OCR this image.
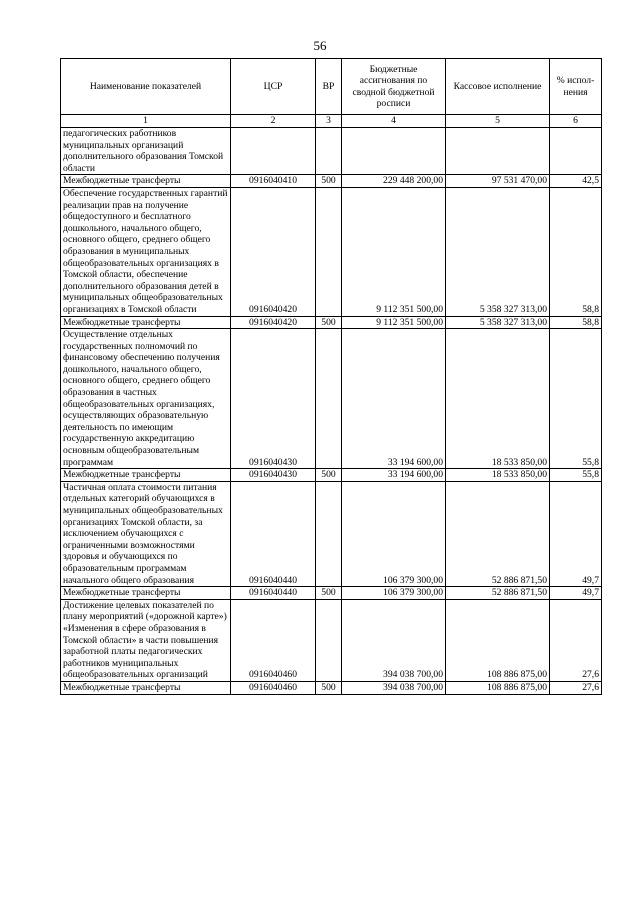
56
Наименование показателей	ЦСР	ВР	Бюджетные ассигнования по сводной бюджетной росписи	Кассовое исполнение	% испол-нения
1	2	3	4	5	6
педагогических работников муниципальных организаций дополнительного образования Томской области					
Межбюджетные трансферты	0916040410	500	229 448 200,00	97 531 470,00	42,5
Обеспечение государственных гарантий реализации прав на получение общедоступного и бесплатного дошкольного, начального общего, основного общего, среднего общего образования в муниципальных общеобразовательных организациях в Томской области, обеспечение дополнительного образования детей в муниципальных общеобразовательных организациях в Томской области	0916040420		9 112 351 500,00	5 358 327 313,00	58,8
Межбюджетные трансферты	0916040420	500	9 112 351 500,00	5 358 327 313,00	58,8
Осуществление отдельных государственных полномочий по финансовому обеспечению получения дошкольного, начального общего, основного общего, среднего общего образования в частных общеобразовательных организациях, осуществляющих образовательную деятельность по имеющим государственную аккредитацию основным общеобразовательным программам	0916040430		33 194 600,00	18 533 850,00	55,8
Межбюджетные трансферты	0916040430	500	33 194 600,00	18 533 850,00	55,8
Частичная оплата стоимости питания отдельных категорий обучающихся в муниципальных общеобразовательных организациях Томской области, за исключением обучающихся с ограниченными возможностями здоровья и обучающихся по образовательным программам начального общего образования	0916040440		106 379 300,00	52 886 871,50	49,7
Межбюджетные трансферты	0916040440	500	106 379 300,00	52 886 871,50	49,7
Достижение целевых показателей по плану мероприятий («дорожной карте») «Изменения в сфере образования в Томской области» в части повышения заработной платы педагогических работников муниципальных общеобразовательных организаций	0916040460		394 038 700,00	108 886 875,00	27,6
Межбюджетные трансферты	0916040460	500	394 038 700,00	108 886 875,00	27,6
